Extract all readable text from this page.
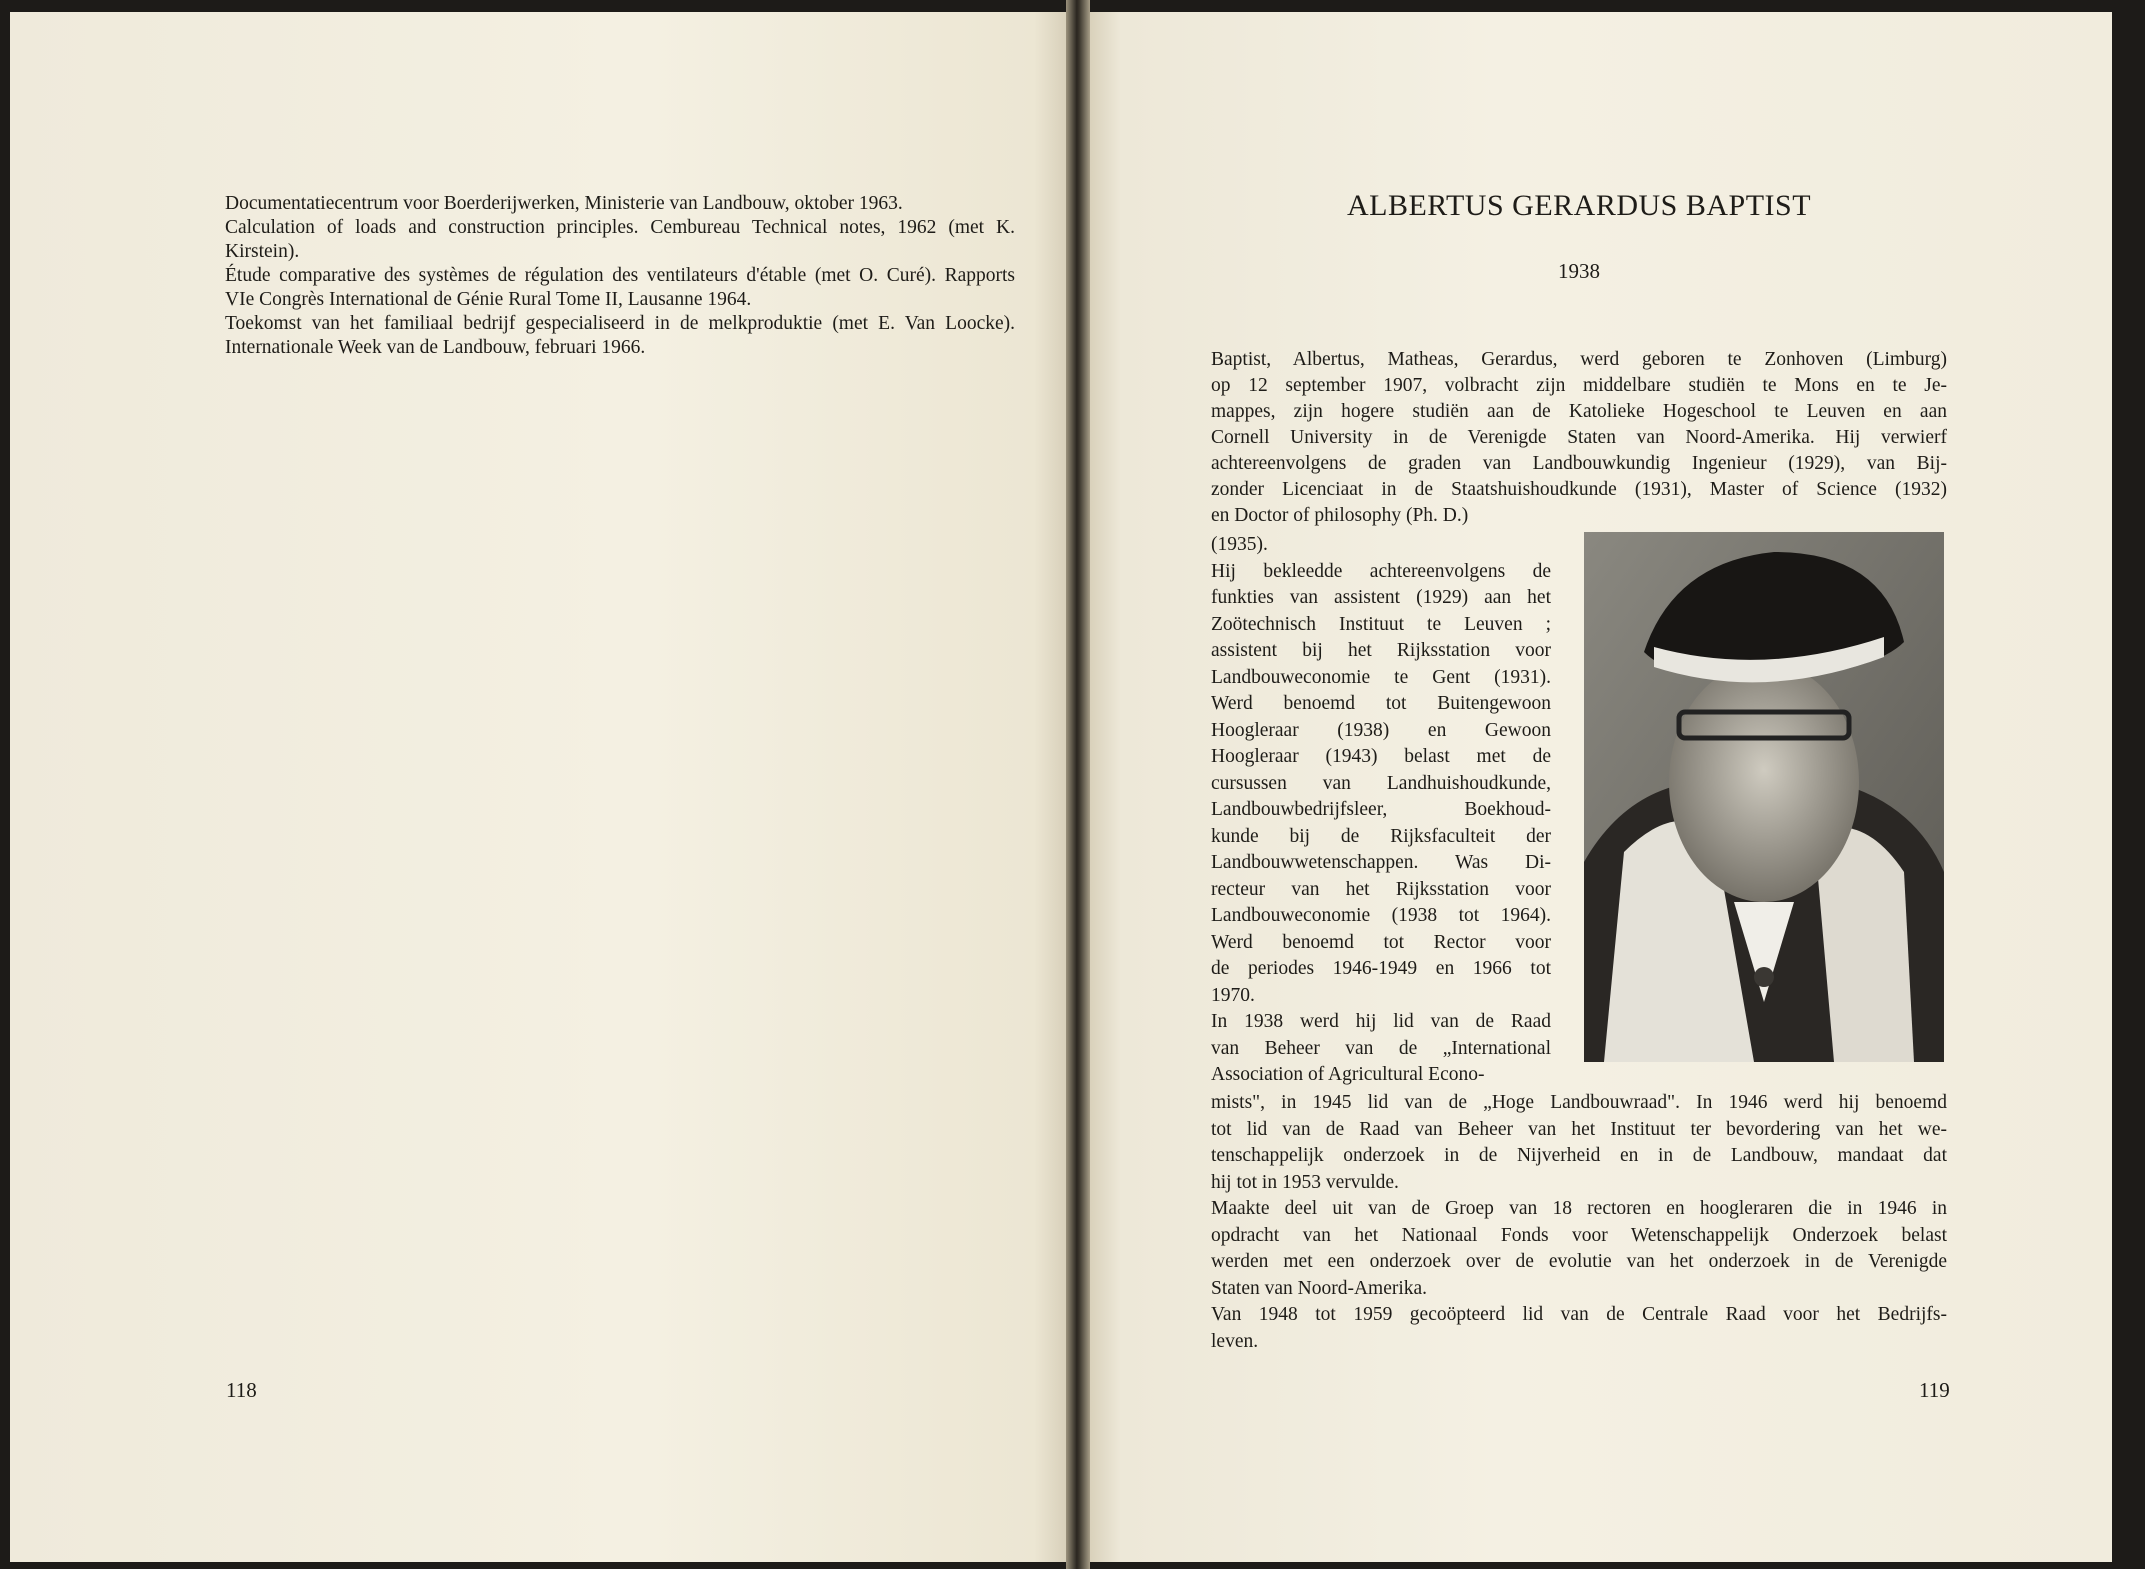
Documentatiecentrum voor Boerderijwerken, Ministerie van Landbouw, oktober 1963.
Calculation of loads and construction principles. Cembureau Technical notes, 1962 (met K.
Kirstein).
Étude comparative des systèmes de régulation des ventilateurs d'étable (met O. Curé). Rapports
VIe Congrès International de Génie Rural Tome II, Lausanne 1964.
Toekomst van het familiaal bedrijf gespecialiseerd in de melkproduktie (met E. Van Loocke).
Internationale Week van de Landbouw, februari 1966.
118
ALBERTUS GERARDUS BAPTIST
1938
Baptist, Albertus, Matheas, Gerardus, werd geboren te Zonhoven (Limburg)
op 12 september 1907, volbracht zijn middelbare studiën te Mons en te Je-
mappes, zijn hogere studiën aan de Katolieke Hogeschool te Leuven en aan
Cornell University in de Verenigde Staten van Noord-Amerika. Hij verwierf
achtereenvolgens de graden van Landbouwkundig Ingenieur (1929), van Bij-
zonder Licenciaat in de Staatshuishoudkunde (1931), Master of Science (1932)
en Doctor of philosophy (Ph. D.)
(1935).
Hij bekleedde achtereenvolgens de
funkties van assistent (1929) aan het
Zoötechnisch Instituut te Leuven ;
assistent bij het Rijksstation voor
Landbouweconomie te Gent (1931).
Werd benoemd tot Buitengewoon
Hoogleraar (1938) en Gewoon
Hoogleraar (1943) belast met de
cursussen van Landhuishoudkunde,
Landbouwbedrijfsleer, Boekhoud-
kunde bij de Rijksfaculteit der
Landbouwwetenschappen. Was Di-
recteur van het Rijksstation voor
Landbouweconomie (1938 tot 1964).
Werd benoemd tot Rector voor
de periodes 1946-1949 en 1966 tot
1970.
In 1938 werd hij lid van de Raad
van Beheer van de „International
Association of Agricultural Econo-
mists", in 1945 lid van de „Hoge Landbouwraad". In 1946 werd hij benoemd
tot lid van de Raad van Beheer van het Instituut ter bevordering van het we-
tenschappelijk onderzoek in de Nijverheid en in de Landbouw, mandaat dat
hij tot in 1953 vervulde.
Maakte deel uit van de Groep van 18 rectoren en hoogleraren die in 1946 in
opdracht van het Nationaal Fonds voor Wetenschappelijk Onderzoek belast
werden met een onderzoek over de evolutie van het onderzoek in de Verenigde
Staten van Noord-Amerika.
Van 1948 tot 1959 gecoöpteerd lid van de Centrale Raad voor het Bedrijfs-
leven.
119
